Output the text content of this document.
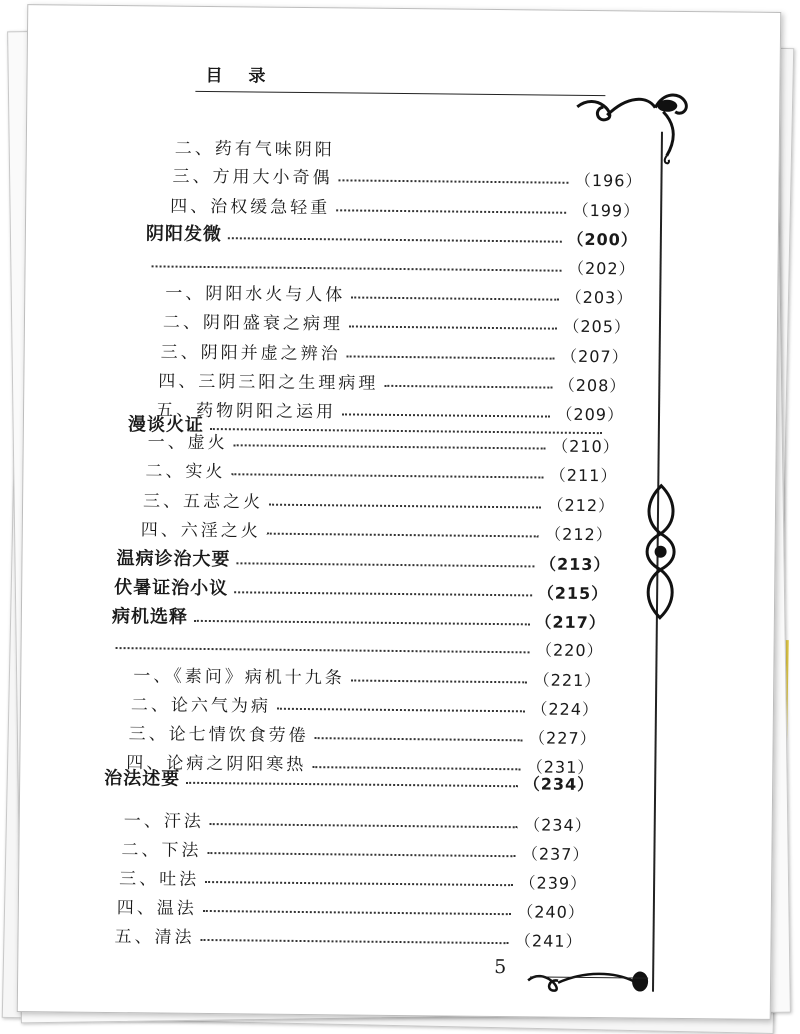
目 录
5
二、药有气味阴阳
三、方用大小奇偶	（196）
四、治权缓急轻重	（199）
阴阳发微	（200）
（202）
一、阴阳水火与人体	（203）
二、阴阳盛衰之病理	（205）
三、阴阳并虚之辨治	（207）
四、三阴三阳之生理病理	（208）
五、药物阴阳之运用	（209）
漫谈火证
一、虚火	（210）
二、实火	（211）
三、五志之火	（212）
四、六淫之火	（212）
温病诊治大要	（213）
伏暑证治小议	（215）
病机选释	（217）
（220）
一、《素问》病机十九条	（221）
二、论六气为病	（224）
三、论七情饮食劳倦	（227）
四、论病之阴阳寒热	（231）
治法述要	（234）
一、汗法	（234）
二、下法	（237）
三、吐法	（239）
四、温法	（240）
五、清法	（241）
